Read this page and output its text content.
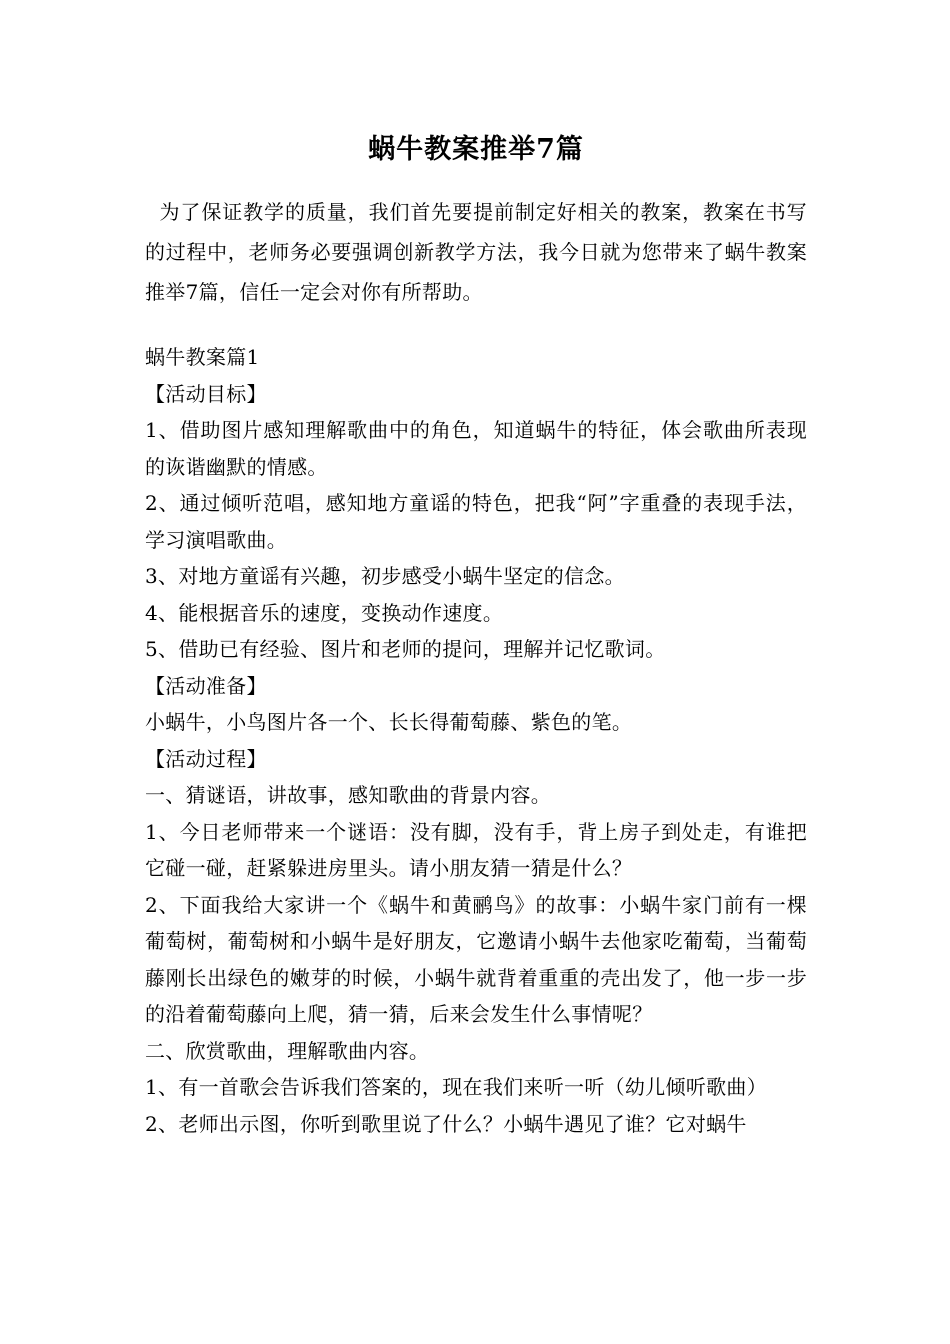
蜗牛教案推举7篇
为了保证教学的质量，我们首先要提前制定好相关的教案，教案在书写的过程中，老师务必要强调创新教学方法，我今日就为您带来了蜗牛教案推举7篇，信任一定会对你有所帮助。

蜗牛教案篇1

【活动目标】

1、借助图片感知理解歌曲中的角色，知道蜗牛的特征，体会歌曲所表现的诙谐幽默的情感。

2、通过倾听范唱，感知地方童谣的特色，把我“阿”字重叠的表现手法，学习演唱歌曲。

3、对地方童谣有兴趣，初步感受小蜗牛坚定的信念。

4、能根据音乐的速度，变换动作速度。

5、借助已有经验、图片和老师的提问，理解并记忆歌词。

【活动准备】

小蜗牛，小鸟图片各一个、长长得葡萄藤、紫色的笔。

【活动过程】

一、猜谜语，讲故事，感知歌曲的背景内容。

1、今日老师带来一个谜语：没有脚，没有手，背上房子到处走，有谁把它碰一碰，赶紧躲进房里头。请小朋友猜一猜是什么？

2、下面我给大家讲一个《蜗牛和黄鹂鸟》的故事：小蜗牛家门前有一棵葡萄树，葡萄树和小蜗牛是好朋友，它邀请小蜗牛去他家吃葡萄，当葡萄藤刚长出绿色的嫩芽的时候，小蜗牛就背着重重的壳出发了，他一步一步的沿着葡萄藤向上爬，猜一猜，后来会发生什么事情呢？

二、欣赏歌曲，理解歌曲内容。

1、有一首歌会告诉我们答案的，现在我们来听一听（幼儿倾听歌曲）

2、老师出示图，你听到歌里说了什么？小蜗牛遇见了谁？它对蜗牛
